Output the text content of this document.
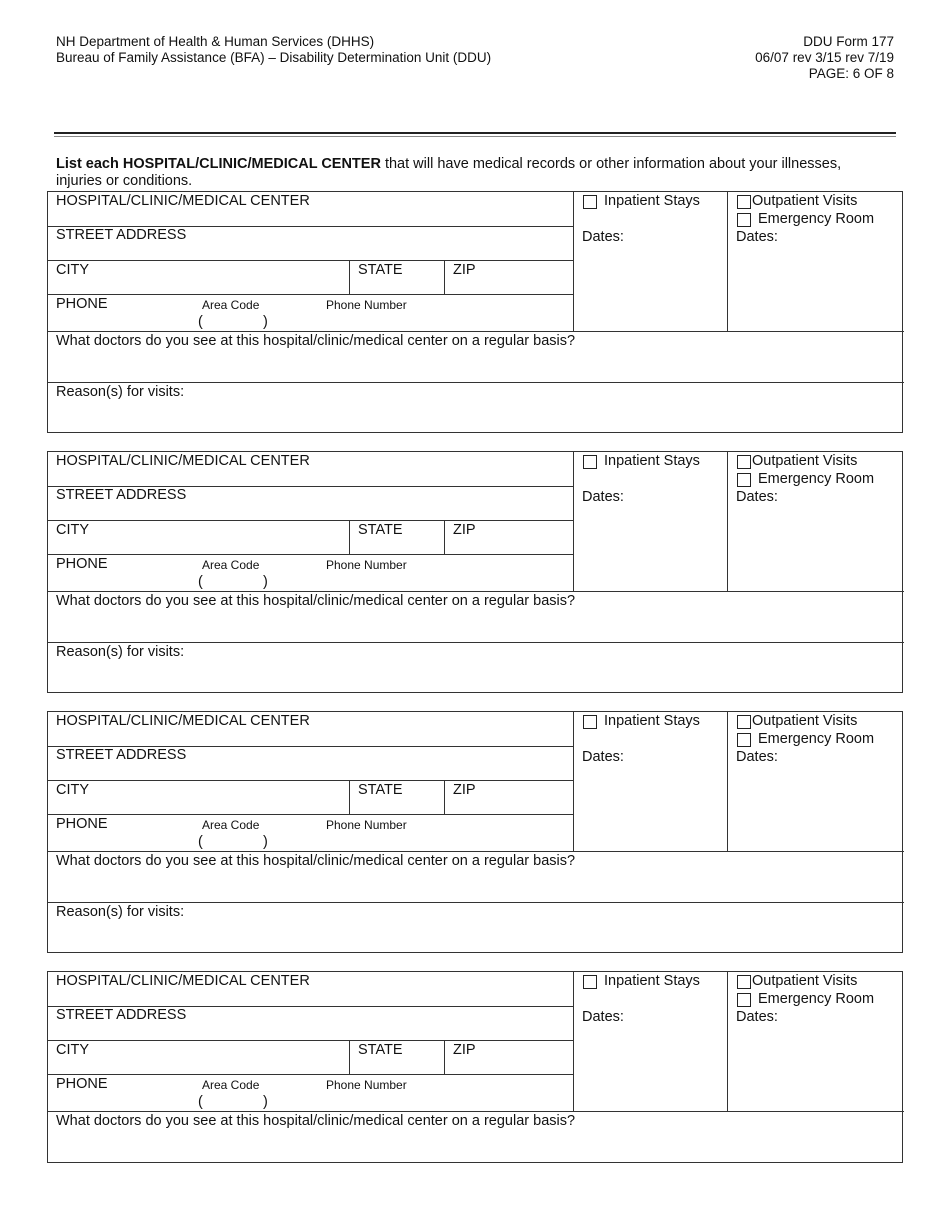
NH Department of Health & Human Services (DHHS)
Bureau of Family Assistance (BFA) – Disability Determination Unit (DDU)
DDU Form 177
06/07 rev 3/15 rev 7/19
PAGE: 6 OF 8
List each HOSPITAL/CLINIC/MEDICAL CENTER that will have medical records or other information about your illnesses, injuries or conditions.
HOSPITAL/CLINIC/MEDICAL CENTER
STREET ADDRESS
CITY	STATE	ZIP
PHONE	Area Code	Phone Number
(	)
Inpatient Stays
Dates:
Outpatient Visits
Emergency Room
Dates:
What doctors do you see at this hospital/clinic/medical center on a regular basis?
Reason(s) for visits:
HOSPITAL/CLINIC/MEDICAL CENTER
STREET ADDRESS
CITY	STATE	ZIP
PHONE	Area Code	Phone Number
(	)
Inpatient Stays
Dates:
Outpatient Visits
Emergency Room
Dates:
What doctors do you see at this hospital/clinic/medical center on a regular basis?
Reason(s) for visits:
HOSPITAL/CLINIC/MEDICAL CENTER
STREET ADDRESS
CITY	STATE	ZIP
PHONE	Area Code	Phone Number
(	)
Inpatient Stays
Dates:
Outpatient Visits
Emergency Room
Dates:
What doctors do you see at this hospital/clinic/medical center on a regular basis?
Reason(s) for visits:
HOSPITAL/CLINIC/MEDICAL CENTER
STREET ADDRESS
CITY	STATE	ZIP
PHONE	Area Code	Phone Number
(	)
Inpatient Stays
Dates:
Outpatient Visits
Emergency Room
Dates:
What doctors do you see at this hospital/clinic/medical center on a regular basis?
